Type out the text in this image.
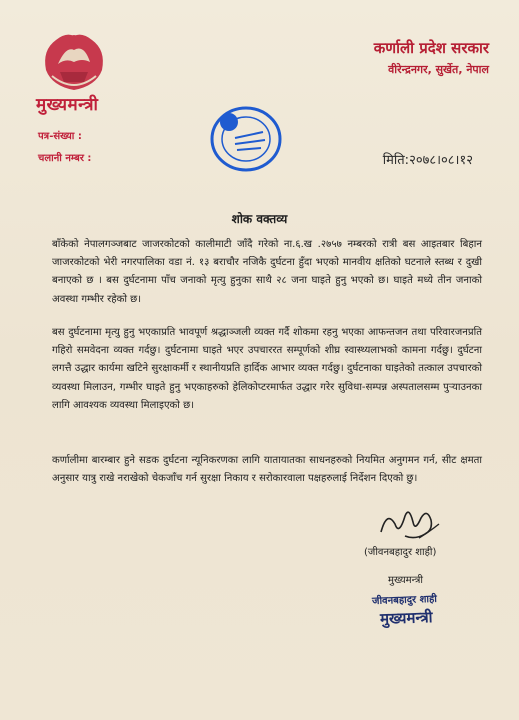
मुख्यमन्त्री
कर्णाली प्रदेश सरकार
वीरेन्द्रनगर, सुर्खेत, नेपाल
पत्र-संख्या :
चलानी नम्बर :	मिति:२०७८।०८।१२
शोक वक्तव्य
बाँकेको नेपालगञ्जबाट जाजरकोटको कालीमाटी जाँदै गरेको ना.६.ख .२७५७ नम्बरको रात्री बस आइतबार बिहान जाजरकोटको भेरी नगरपालिका वडा नं. १३ बराचौर नजिकै दुर्घटना हुँदा भएको मानवीय क्षतिको घटनाले स्तब्ध र दुखी बनाएको छ । बस दुर्घटनामा पाँच जनाको मृत्यु हुनुका साथै २८ जना घाइते हुनु भएको छ। घाइते मध्ये तीन जनाको अवस्था गम्भीर रहेको छ।
बस दुर्घटनामा मृत्यु हुनु भएकाप्रति भावपूर्ण श्रद्धाञ्जली व्यक्त गर्दै शोकमा रहनु भएका आफन्तजन तथा परिवारजनप्रति गहिरो समवेदना व्यक्त गर्दछु। दुर्घटनामा घाइते भएर उपचाररत सम्पूर्णको शीघ्र स्वास्थ्यलाभको कामना गर्दछु। दुर्घटना लगत्तै उद्धार कार्यमा खटिने सुरक्षाकर्मी र स्थानीयप्रति हार्दिक आभार व्यक्त गर्दछु। दुर्घटनाका घाइतेको तत्काल उपचारको व्यवस्था मिलाउन, गम्भीर घाइते हुनु भएकाहरुको हेलिकोप्टरमार्फत उद्धार गरेर सुविधा-सम्पन्न अस्पतालसम्म पुऱ्याउनका लागि आवश्यक व्यवस्था मिलाइएको छ।
कर्णालीमा बारम्बार हुने सडक दुर्घटना न्यूनिकरणका लागि यातायातका साधनहरुको नियमित अनुगमन गर्न, सीट क्षमता अनुसार यात्रु राखे नराखेको चेकजाँच गर्न सुरक्षा निकाय र सरोकारवाला पक्षहरुलाई निर्देशन दिएको छु।
(जीवनबहादुर शाही)
मुख्यमन्त्री
जीवनबहादुर शाही
मुख्यमन्त्री
